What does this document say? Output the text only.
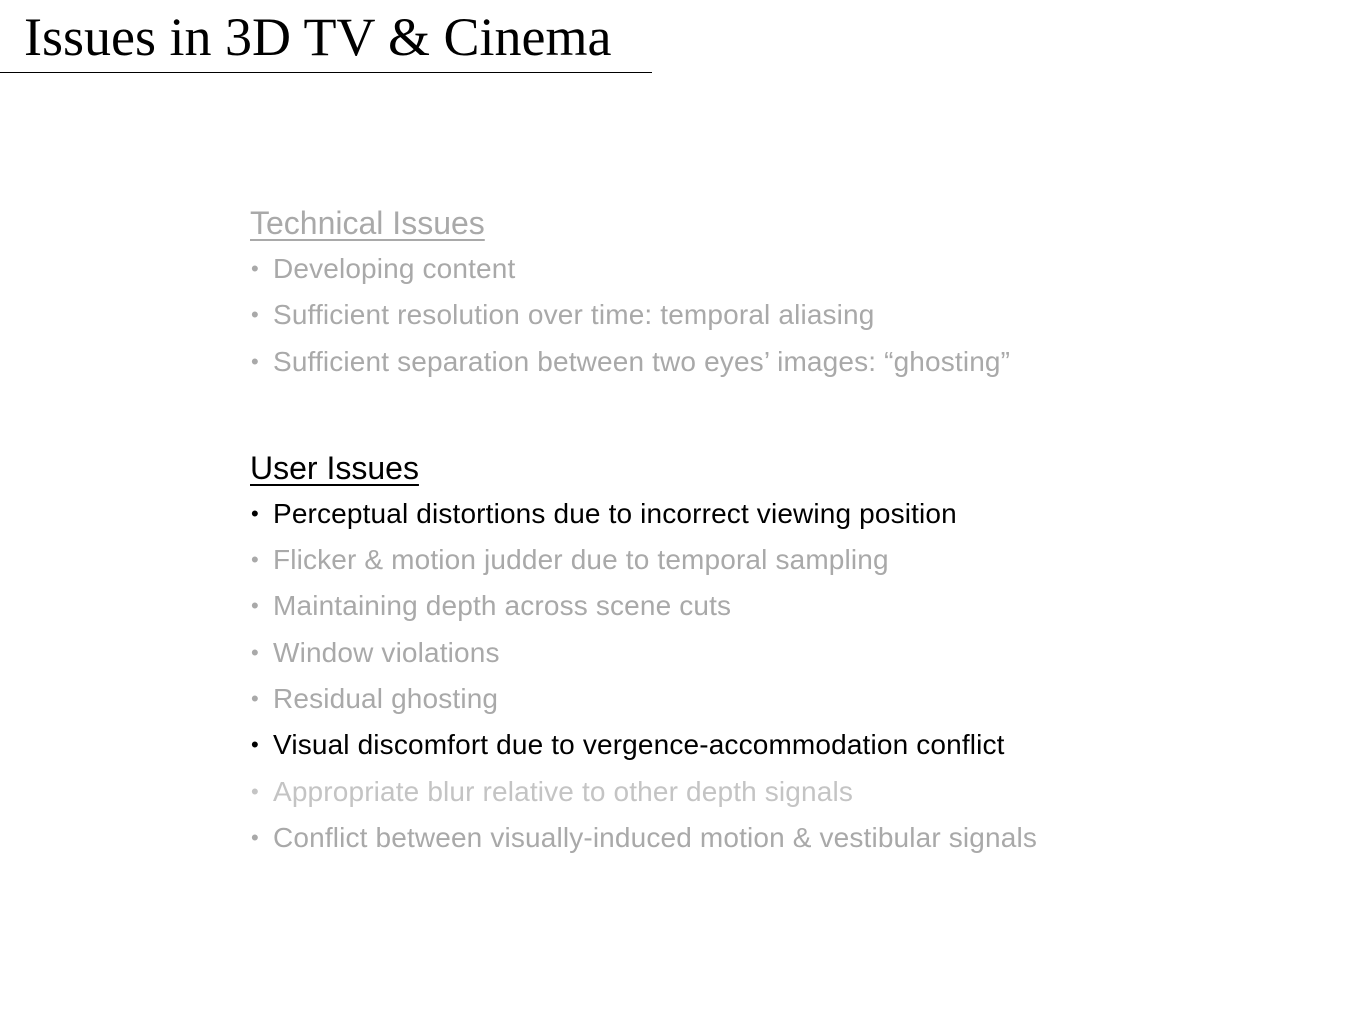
Issues in 3D TV & Cinema
Technical Issues
• Developing content
• Sufficient resolution over time: temporal aliasing
• Sufficient separation between two eyes’ images: “ghosting”
User Issues
• Perceptual distortions due to incorrect viewing position
• Flicker & motion judder due to temporal sampling
• Maintaining depth across scene cuts
• Window violations
• Residual ghosting
• Visual discomfort due to vergence-accommodation conflict
• Appropriate blur relative to other depth signals
• Conflict between visually-induced motion & vestibular signals
